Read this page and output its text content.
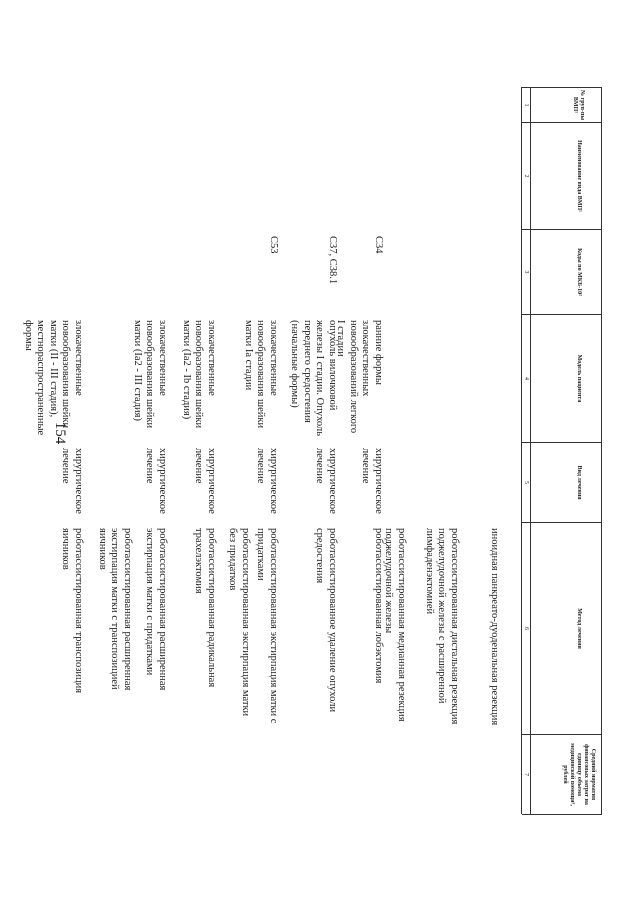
154
№ груп-пы ВМП¹
Наименование вида ВМП¹
Коды по МКБ-10²
Модель пациента
Вид лечения
Метод лечения
Средний норматив финансовых затрат на единицу объема медицинской помощи³, рублей
1
2
3
4
5
6
7
иноидная панкреато-дуоденальная резекция
роботассистированная дистальная резекция поджелудочной железы с расширенной лимфаденэктомией
роботассистированная медианная резекция поджелудочной железы
C34
ранние формы злокачественных новообразований легкого I стадии
хирургическое лечение
роботассистированная лобэктомия
C37, C38.1
опухоль вилочковой железы I стадии. Опухоль переднего средостения (начальные формы)
хирургическое лечение
роботассистированное удаление опухоли средостения
C53
злокачественные новообразования шейки матки Ia стадии
хирургическое лечение
роботассистированная экстирпация матки с придатками
роботассистированная экстирпация матки без придатков
злокачественные новообразования шейки матки (Ia2 - Ib стадия)
хирургическое лечение
роботассистированная радикальная трахелэктомия
злокачественные новообразования шейки матки (Ia2 - III стадия)
хирургическое лечение
роботассистированная расширенная экстирпация матки с придатками
роботассистированная расширенная экстирпация матки с транспозицией яичников
злокачественные новообразования шейки матки (II - III стадия), местнораспространенные формы
хирургическое лечение
роботассистированная транспозиция яичников
